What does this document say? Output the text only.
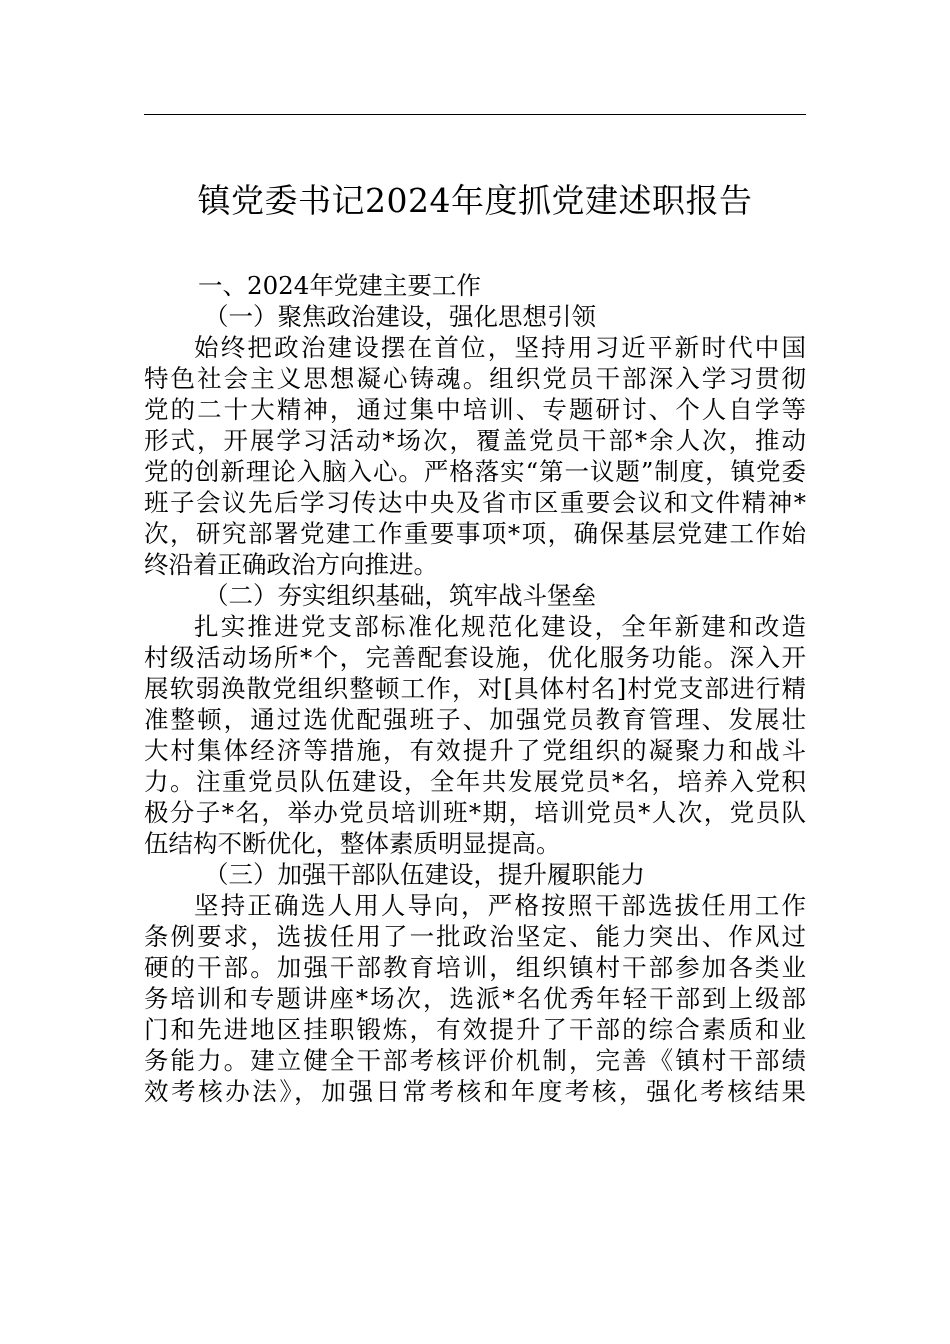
镇党委书记2024年度抓党建述职报告
一、2024年党建主要工作
（一）聚焦政治建设，强化思想引领
始终把政治建设摆在首位，坚持用习近平新时代中国
特色社会主义思想凝心铸魂。组织党员干部深入学习贯彻
党的二十大精神，通过集中培训、专题研讨、个人自学等
形式，开展学习活动*场次，覆盖党员干部*余人次，推动
党的创新理论入脑入心。严格落实“第一议题”制度，镇党委
班子会议先后学习传达中央及省市区重要会议和文件精神*
次，研究部署党建工作重要事项*项，确保基层党建工作始
终沿着正确政治方向推进。
（二）夯实组织基础，筑牢战斗堡垒
扎实推进党支部标准化规范化建设，全年新建和改造
村级活动场所*个，完善配套设施，优化服务功能。深入开
展软弱涣散党组织整顿工作，对[具体村名]村党支部进行精
准整顿，通过选优配强班子、加强党员教育管理、发展壮
大村集体经济等措施，有效提升了党组织的凝聚力和战斗
力。注重党员队伍建设，全年共发展党员*名，培养入党积
极分子*名，举办党员培训班*期，培训党员*人次，党员队
伍结构不断优化，整体素质明显提高。
（三）加强干部队伍建设，提升履职能力
坚持正确选人用人导向，严格按照干部选拔任用工作
条例要求，选拔任用了一批政治坚定、能力突出、作风过
硬的干部。加强干部教育培训，组织镇村干部参加各类业
务培训和专题讲座*场次，选派*名优秀年轻干部到上级部
门和先进地区挂职锻炼，有效提升了干部的综合素质和业
务能力。建立健全干部考核评价机制，完善《镇村干部绩
效考核办法》，加强日常考核和年度考核，强化考核结果
